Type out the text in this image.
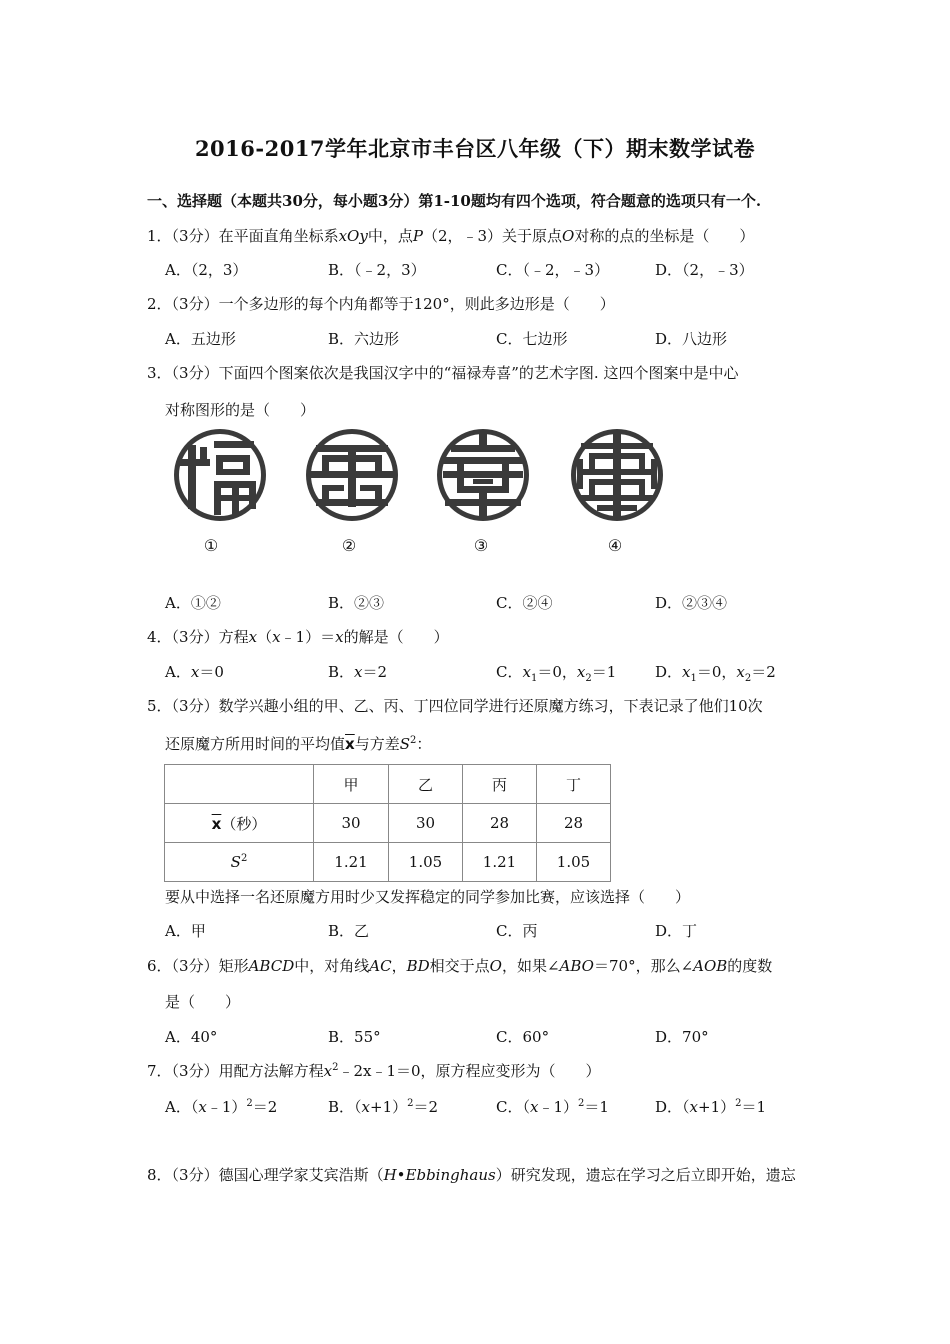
2016-2017学年北京市丰台区八年级（下）期末数学试卷
一、选择题（本题共30分，每小题3分）第1-10题均有四个选项，符合题意的选项只有一个.
1．（3分）在平面直角坐标系xOy中，点P（2，﹣3）关于原点O对称的点的坐标是（　　）
A．（2，3）	B．（﹣2，3）	C．（﹣2，﹣3）	D．（2，﹣3）
2．（3分）一个多边形的每个内角都等于120°，则此多边形是（　　）
A．五边形	B．六边形	C．七边形	D．八边形
3．（3分）下面四个图案依次是我国汉字中的“福禄寿喜”的艺术字图. 这四个图案中是中心
对称图形的是（　　）
①	②	③	④
A．①②	B．②③	C．②④	D．②③④
4．（3分）方程x（x﹣1）＝x的解是（　　）
A．x＝0	B．x＝2	C．$x_1=0$，$x_2=1$	D．$x_1=0$，$x_2=2$
5．（3分）数学兴趣小组的甲、乙、丙、丁四位同学进行还原魔方练习，下表记录了他们10次
还原魔方所用时间的平均值$\overline{x}$与方差$S^2$：
	甲	乙	丙	丁
$\overline{x}$（秒）	30	30	28	28
$S^2$	1.21	1.05	1.21	1.05
要从中选择一名还原魔方用时少又发挥稳定的同学参加比赛，应该选择（　　）
A．甲	B．乙	C．丙	D．丁
6．（3分）矩形ABCD中，对角线AC，BD相交于点O，如果∠ABO＝70°，那么∠AOB的度数
是（　　）
A．40°	B．55°	C．60°	D．70°
7．（3分）用配方法解方程$x^2﹣2x﹣1=0$，原方程应变形为（　　）
A．（x﹣1）$^2$＝2	B．$(x+1)^2=2$	C．（x﹣1）$^2$＝1	D．$(x+1)^2=1$
8．（3分）德国心理学家艾宾浩斯（H•Ebbinghaus）研究发现，遗忘在学习之后立即开始，遗忘
